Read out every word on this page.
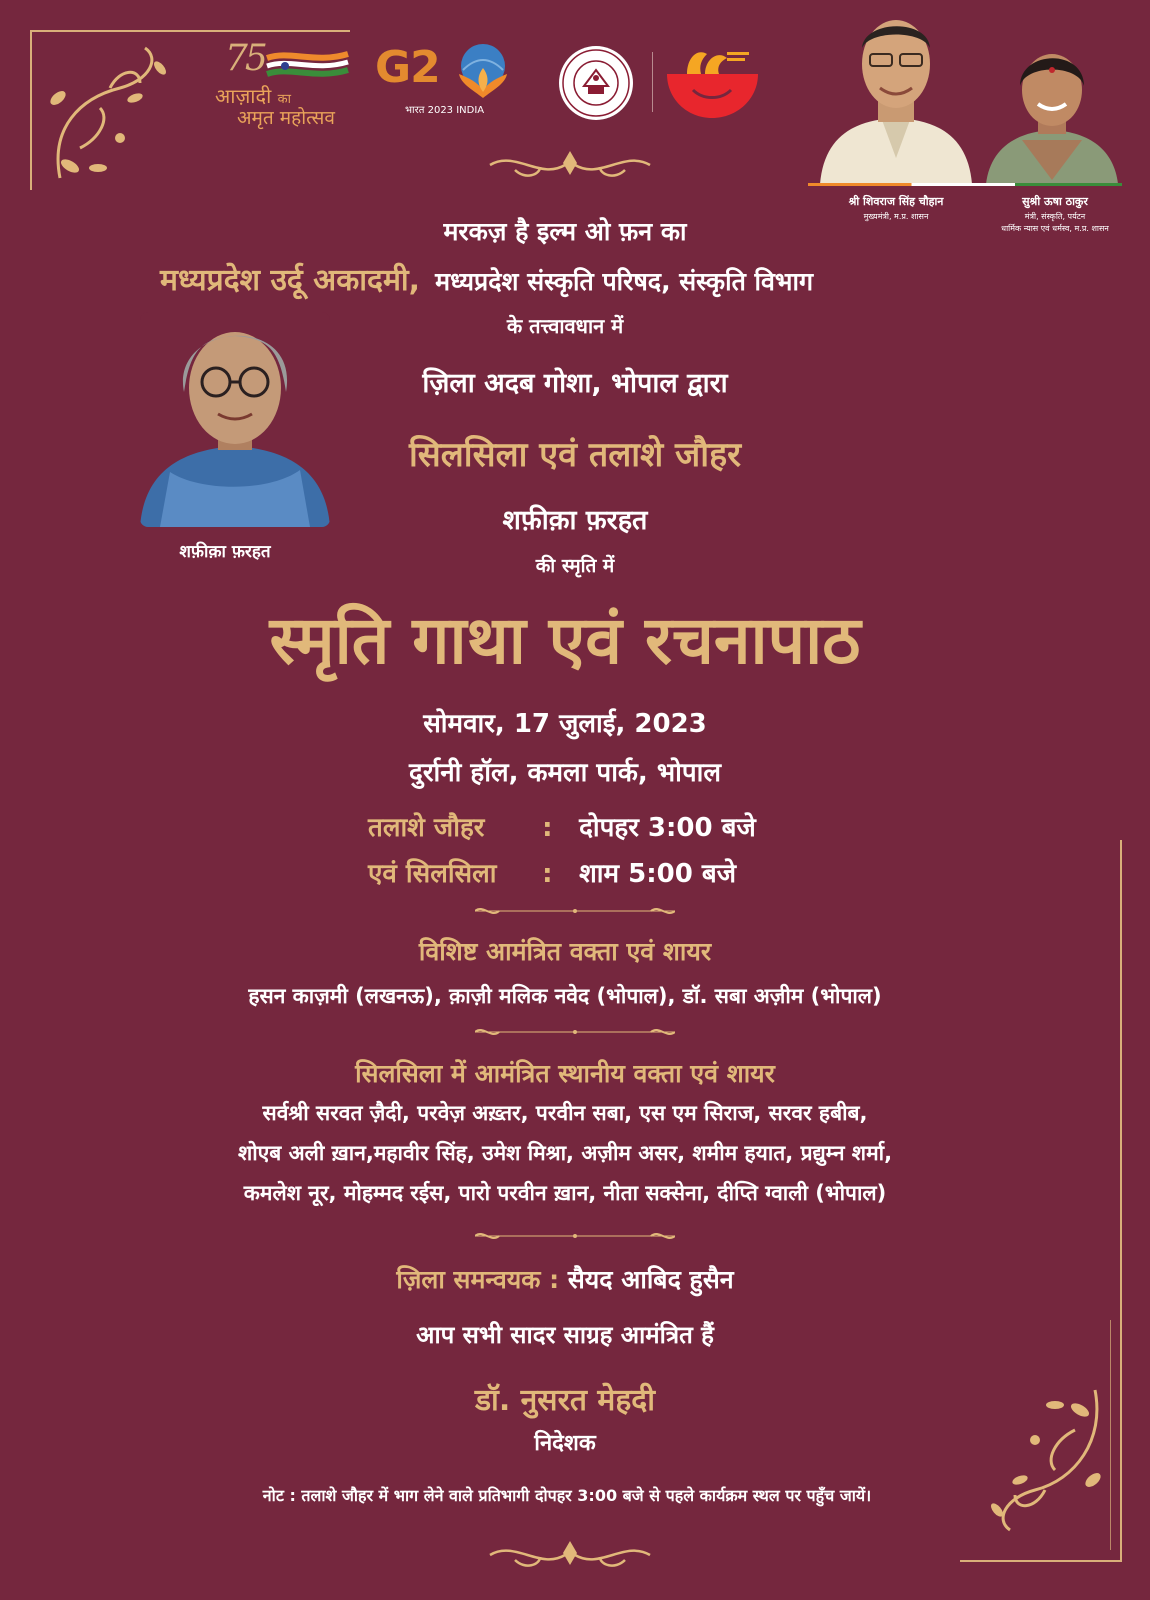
75
आज़ादी का
अमृत महोत्सव
G2
भारत 2023 INDIA
श्री शिवराज सिंह चौहान
मुख्यमंत्री, म.प्र. शासन
सुश्री ऊषा ठाकुर
मंत्री, संस्कृति, पर्यटन
धार्मिक न्यास एवं धर्मस्व, म.प्र. शासन
शफ़ीक़ा फ़रहत
मरकज़ है इल्म ओ फ़न का
मध्यप्रदेश उर्दू अकादमी, मध्यप्रदेश संस्कृति परिषद, संस्कृति विभाग
के तत्त्वावधान में
ज़िला अदब गोशा, भोपाल द्वारा
सिलसिला एवं तलाशे जौहर
शफ़ीक़ा फ़रहत
की स्मृति में
स्मृति गाथा एवं रचनापाठ
सोमवार, 17 जुलाई, 2023
दुर्रानी हॉल, कमला पार्क, भोपाल
तलाशे जौहर : दोपहर 3:00 बजे
एवं सिलसिला : शाम 5:00 बजे
विशिष्ट आमंत्रित वक्ता एवं शायर
हसन काज़मी (लखनऊ), क़ाज़ी मलिक नवेद (भोपाल), डॉ. सबा अज़ीम (भोपाल)
सिलसिला में आमंत्रित स्थानीय वक्ता एवं शायर
सर्वश्री सरवत ज़ैदी, परवेज़ अख़्तर, परवीन सबा, एस एम सिराज, सरवर हबीब,
शोएब अली ख़ान,महावीर सिंह, उमेश मिश्रा, अज़ीम असर, शमीम हयात, प्रद्युम्न शर्मा,
कमलेश नूर, मोहम्मद रईस, पारो परवीन ख़ान, नीता सक्सेना, दीप्ति ग्वाली (भोपाल)
ज़िला समन्वयक : सैयद आबिद हुसैन
आप सभी सादर साग्रह आमंत्रित हैं
डॉ. नुसरत मेहदी
निदेशक
नोट : तलाशे जौहर में भाग लेने वाले प्रतिभागी दोपहर 3:00 बजे से पहले कार्यक्रम स्थल पर पहुँच जायें।
